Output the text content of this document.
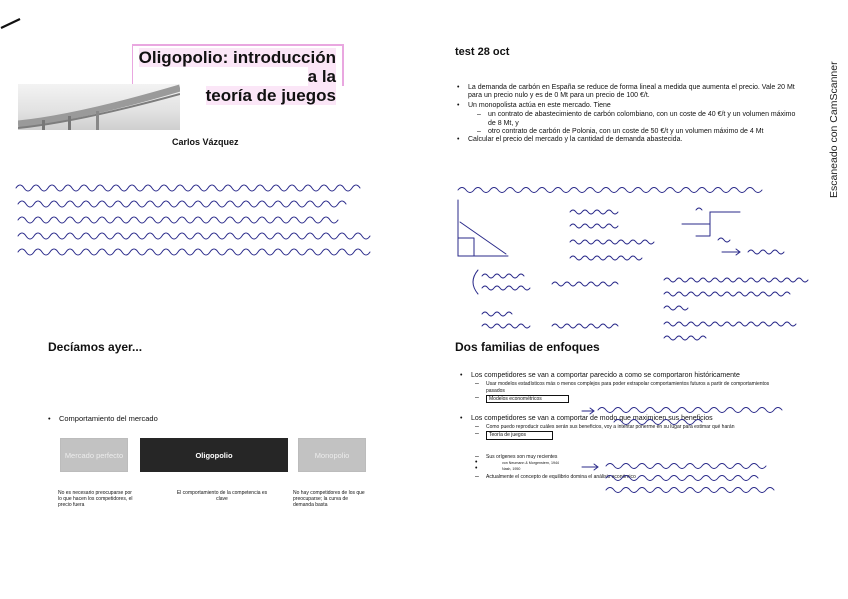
Oligopolio: introducción a la
teoría de juegos
Carlos Vázquez
Decíamos ayer...
•    Comportamiento del mercado
Mercado perfecto	Oligopolio	Monopolio
No es necesario preocuparse por lo que hacen los competidores, el precio fuera
El comportamiento de la competencia es clave
No hay competidores de los que preocuparse; la curva de demanda basta
test 28 oct
• La demanda de carbón en España se reduce de forma lineal a medida que aumenta el precio. Vale 20 Mt para un precio nulo y es de 0 Mt para un precio de 100 €/t.
• Un monopolista actúa en este mercado. Tiene
– un contrato de abastecimiento de carbón colombiano, con un coste de 40 €/t y un volumen máximo de 8 Mt, y
– otro contrato de carbón de Polonia, con un coste de 50 €/t y un volumen máximo de 4 Mt
• Calcular el precio del mercado y la cantidad de demanda abastecida.
Dos familias de enfoques
• Los competidores se van a comportar parecido a como se comportaron históricamente
– Usar modelos estadísticos más o menos complejos para poder extrapolar comportamientos futuros a partir de comportamientos pasados
– Modelos econométricos
• Los competidores se van a comportar de modo que maximicen sus beneficios
– Como puedo reproducir cuáles serán sus beneficios, voy a intentar ponerme en su lugar para estimar qué harán
– Teoría de juegos
– Sus orígenes son muy recientes
• von Neumann & Morgenstern, 1944
• Nash, 1950
– Actualmente el concepto de equilibrio domina el análisis económico
Escaneado con CamScanner
